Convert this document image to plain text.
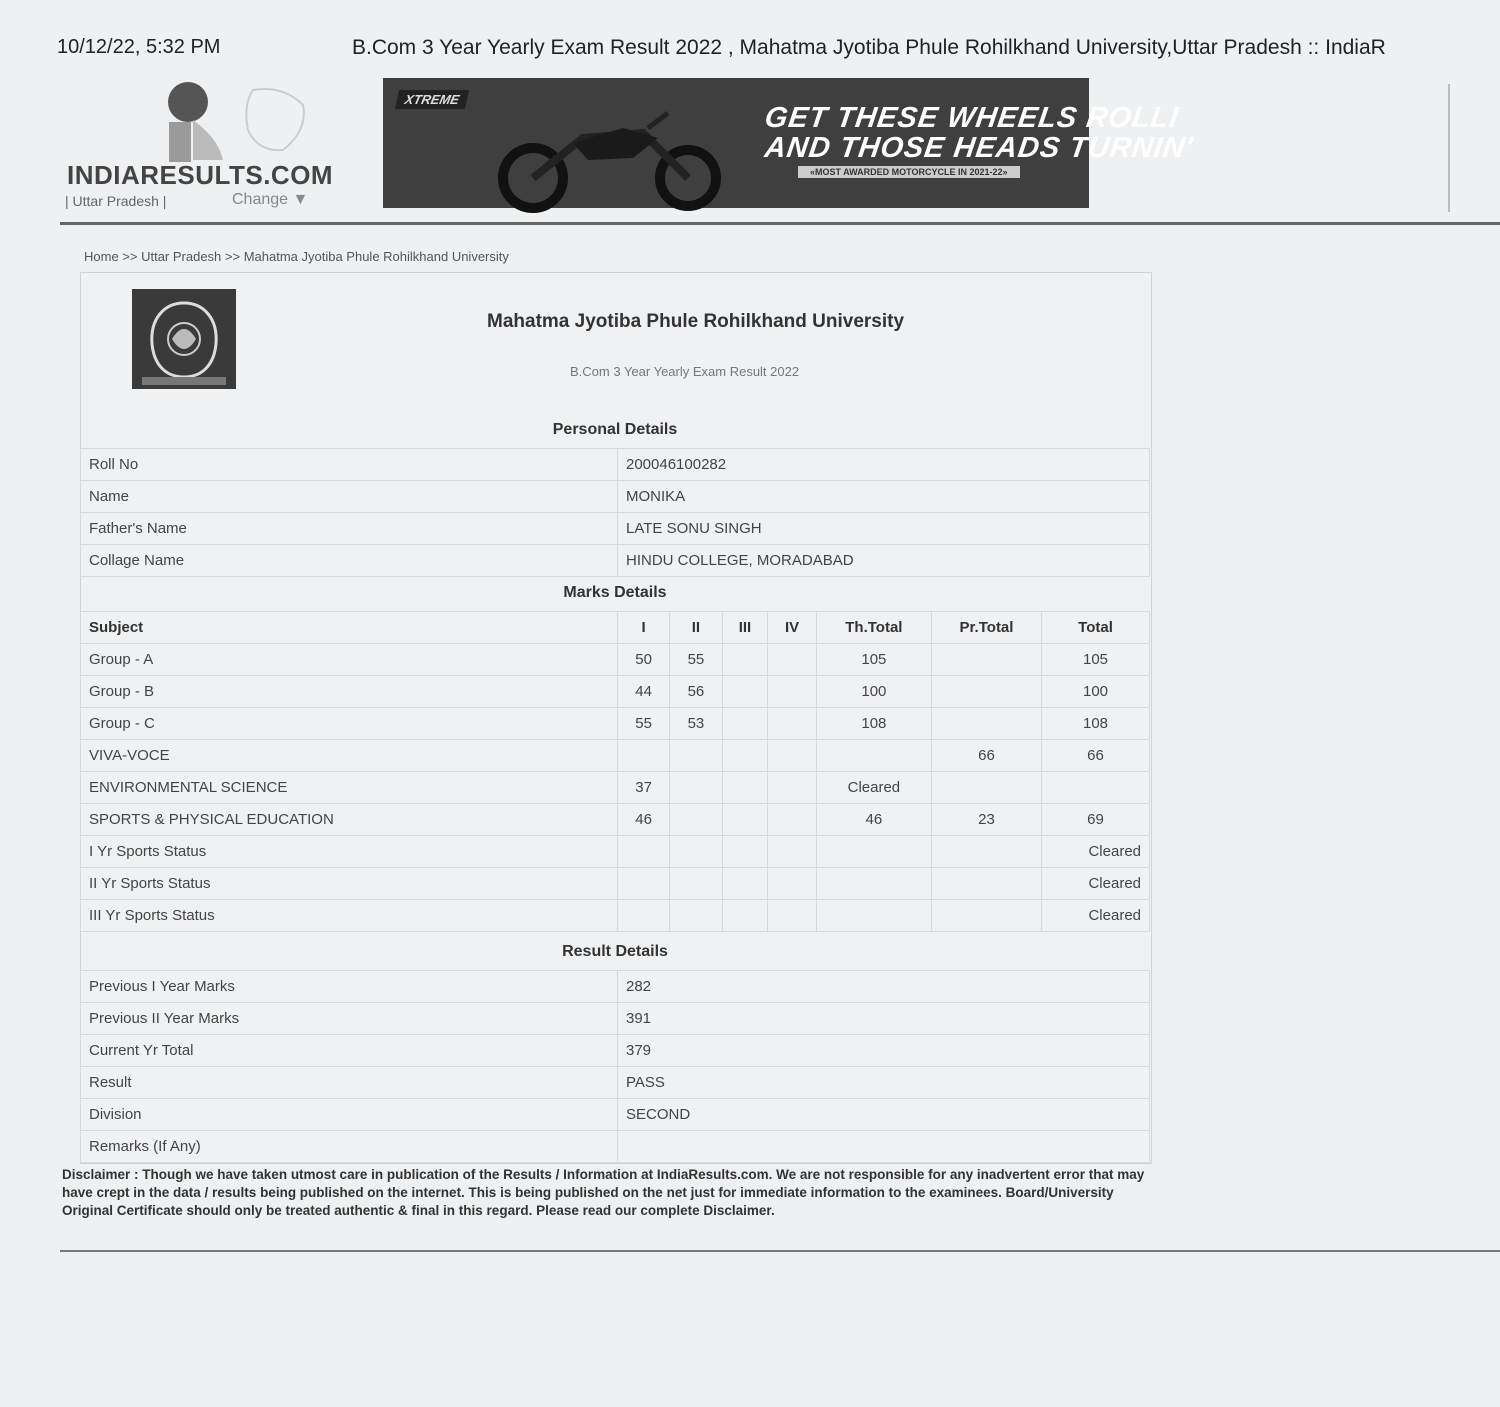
10/12/22, 5:32 PM	B.Com 3 Year Yearly Exam Result 2022 , Mahatma Jyotiba Phule Rohilkhand University,Uttar Pradesh :: IndiaR
INDIARESULTS.COM
| Uttar Pradesh |	Change ▼
XTREME
GET THESE WHEELS ROLLI
AND THOSE HEADS TURNIN'
«MOST AWARDED MOTORCYCLE IN 2021-22»
Home >> Uttar Pradesh >> Mahatma Jyotiba Phule Rohilkhand University
Mahatma Jyotiba Phule Rohilkhand University
B.Com 3 Year Yearly Exam Result 2022
Personal Details
Roll No	200046100282
Name	MONIKA
Father's Name	LATE SONU SINGH
Collage Name	HINDU COLLEGE, MORADABAD
Marks Details
Subject	I	II	III	IV	Th.Total	Pr.Total	Total
Group - A	50	55			105		105
Group - B	44	56			100		100
Group - C	55	53			108		108
VIVA-VOCE						66	66
ENVIRONMENTAL SCIENCE	37				Cleared		
SPORTS & PHYSICAL EDUCATION	46				46	23	69
I Yr Sports Status							Cleared
II Yr Sports Status							Cleared
III Yr Sports Status							Cleared
Result Details
Previous I Year Marks	282
Previous II Year Marks	391
Current Yr Total	379
Result	PASS
Division	SECOND
Remarks (If Any)	
Disclaimer : Though we have taken utmost care in publication of the Results / Information at IndiaResults.com. We are not responsible for any inadvertent error that may have crept in the data / results being published on the internet. This is being published on the net just for immediate information to the examinees. Board/University Original Certificate should only be treated authentic & final in this regard. Please read our complete Disclaimer.
